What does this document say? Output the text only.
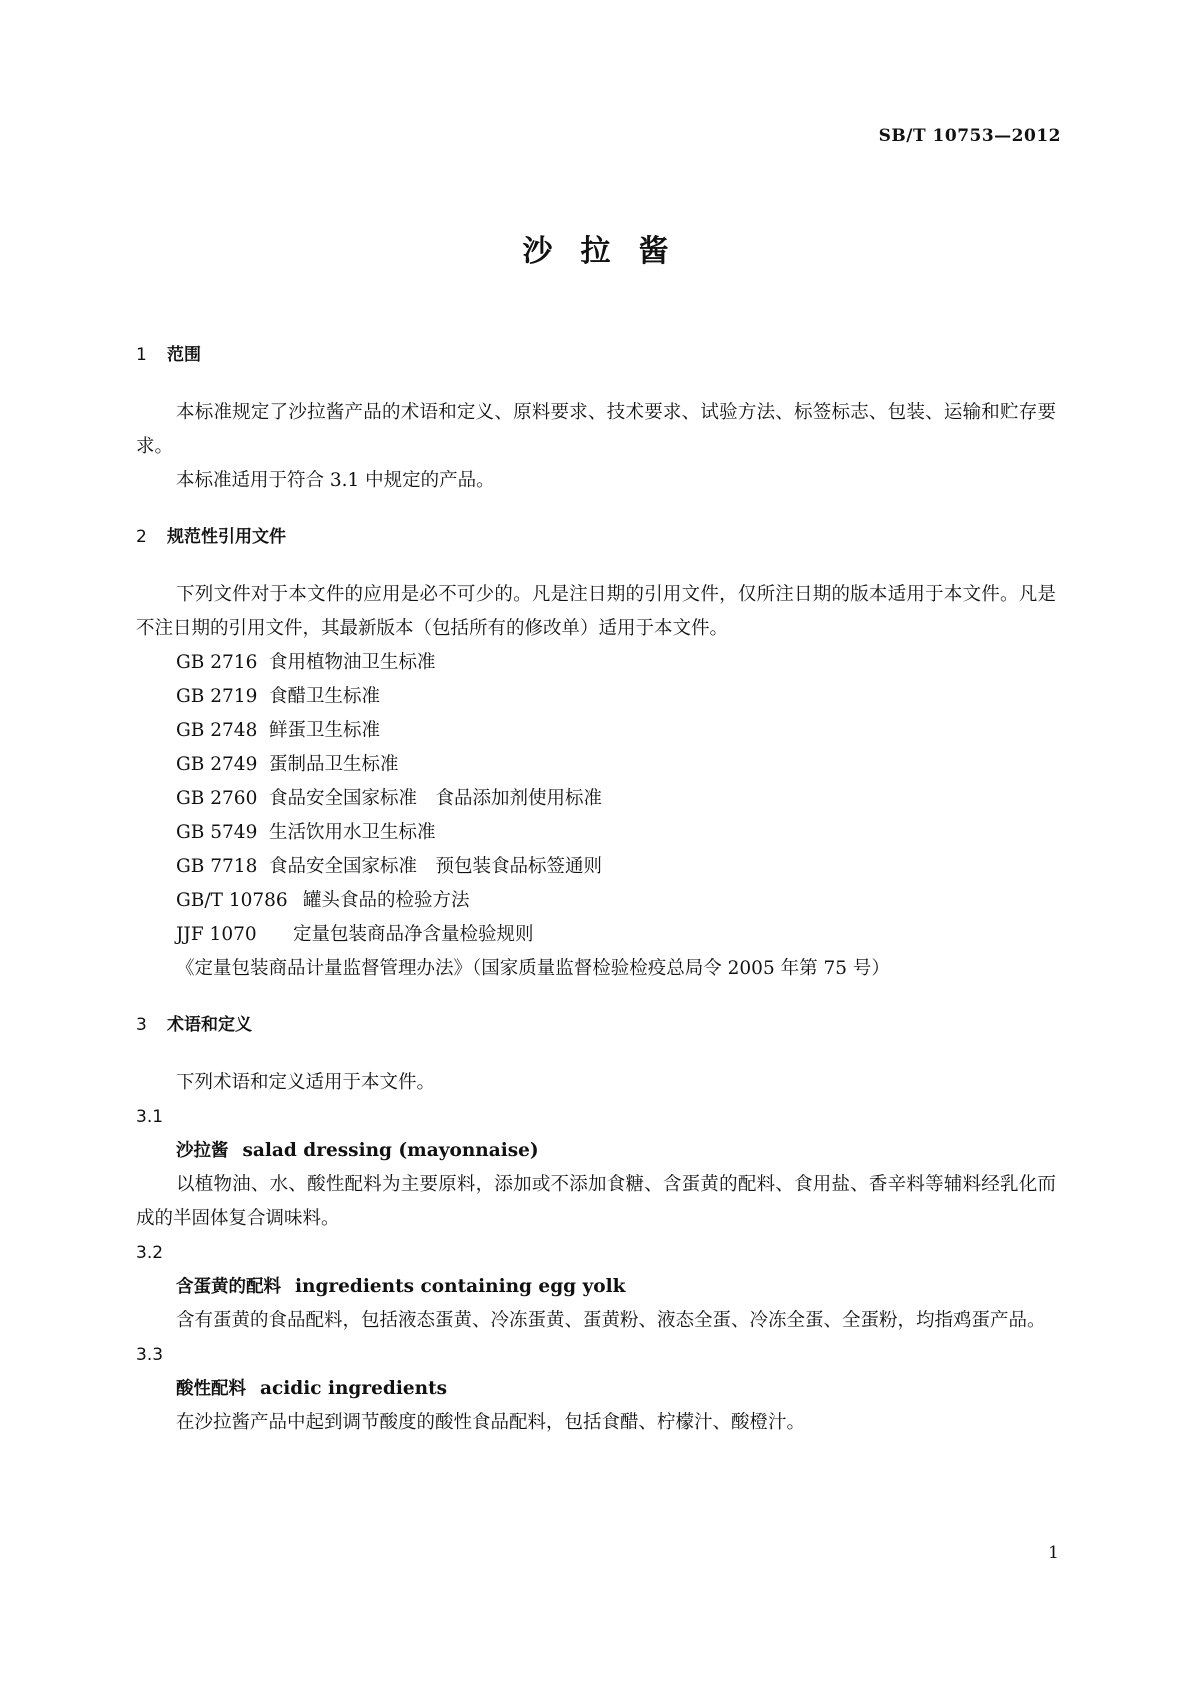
SB/T 10753—2012
沙拉酱
1 范围
本标准规定了沙拉酱产品的术语和定义、原料要求、技术要求、试验方法、标签标志、包装、运输和贮存要求。
本标准适用于符合 3.1 中规定的产品。
2 规范性引用文件
下列文件对于本文件的应用是必不可少的。凡是注日期的引用文件，仅所注日期的版本适用于本文件。凡是不注日期的引用文件，其最新版本（包括所有的修改单）适用于本文件。
GB 2716 食用植物油卫生标准
GB 2719 食醋卫生标准
GB 2748 鲜蛋卫生标准
GB 2749 蛋制品卫生标准
GB 2760 食品安全国家标准　食品添加剂使用标准
GB 5749 生活饮用水卫生标准
GB 7718 食品安全国家标准　预包装食品标签通则
GB/T 10786 罐头食品的检验方法
JJF 1070 定量包装商品净含量检验规则
《定量包装商品计量监督管理办法》（国家质量监督检验检疫总局令 2005 年第 75 号）
3 术语和定义
下列术语和定义适用于本文件。
3.1
沙拉酱 salad dressing (mayonnaise)
以植物油、水、酸性配料为主要原料，添加或不添加食糖、含蛋黄的配料、食用盐、香辛料等辅料经乳化而成的半固体复合调味料。
3.2
含蛋黄的配料 ingredients containing egg yolk
含有蛋黄的食品配料，包括液态蛋黄、冷冻蛋黄、蛋黄粉、液态全蛋、冷冻全蛋、全蛋粉，均指鸡蛋产品。
3.3
酸性配料 acidic ingredients
在沙拉酱产品中起到调节酸度的酸性食品配料，包括食醋、柠檬汁、酸橙汁。
1
